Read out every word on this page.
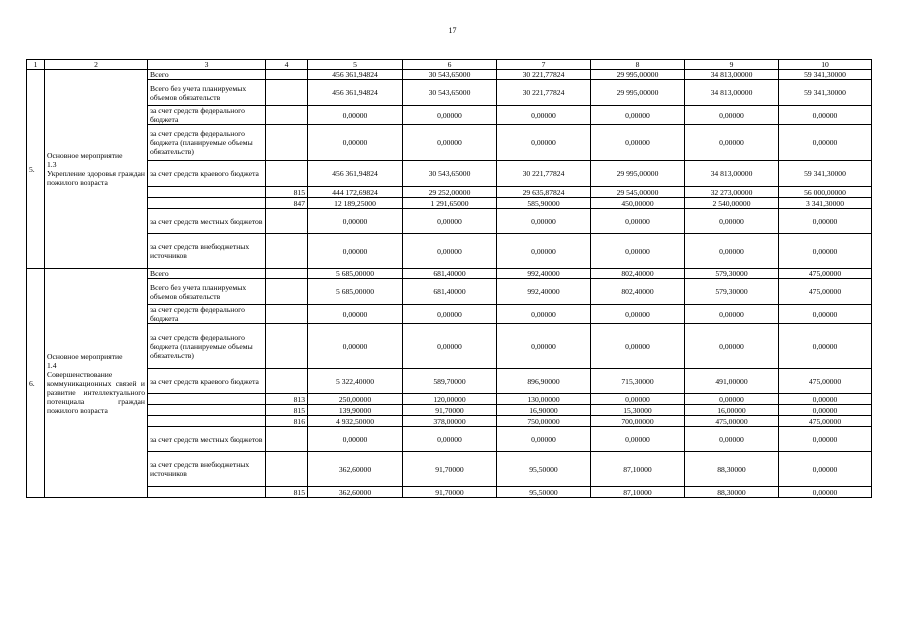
17
1	2	3	4	5	6	7	8	9	10
5.	Основное мероприятие
1.3
Укрепление здоровья граждан пожилого возраста	Всего		456 361,94824	30 543,65000	30 221,77824	29 995,00000	34 813,00000	59 341,30000
		Всего без учета планируемых объемов обязательств		456 361,94824	30 543,65000	30 221,77824	29 995,00000	34 813,00000	59 341,30000
		за счет средств федерального бюджета		0,00000	0,00000	0,00000	0,00000	0,00000	0,00000
		за счет средств федерального бюджета (планируемые объемы обязательств)		0,00000	0,00000	0,00000	0,00000	0,00000	0,00000
		за счет средств краевого бюджета		456 361,94824	30 543,65000	30 221,77824	29 995,00000	34 813,00000	59 341,30000
			815	444 172,69824	29 252,00000	29 635,87824	29 545,00000	32 273,00000	56 000,00000
			847	12 189,25000	1 291,65000	585,90000	450,00000	2 540,00000	3 341,30000
		за счет средств местных бюджетов		0,00000	0,00000	0,00000	0,00000	0,00000	0,00000
		за счет средств внебюджетных источников		0,00000	0,00000	0,00000	0,00000	0,00000	0,00000
6.	Основное мероприятие
1.4
Совершенствование коммуникационных связей и развитие интеллектуального потенциала граждан пожилого возраста	Всего		5 685,00000	681,40000	992,40000	802,40000	579,30000	475,00000
		Всего без учета планируемых объемов обязательств		5 685,00000	681,40000	992,40000	802,40000	579,30000	475,00000
		за счет средств федерального бюджета		0,00000	0,00000	0,00000	0,00000	0,00000	0,00000
		за счет средств федерального бюджета (планируемые объемы обязательств)		0,00000	0,00000	0,00000	0,00000	0,00000	0,00000
		за счет средств краевого бюджета		5 322,40000	589,70000	896,90000	715,30000	491,00000	475,00000
			813	250,00000	120,00000	130,00000	0,00000	0,00000	0,00000
			815	139,90000	91,70000	16,90000	15,30000	16,00000	0,00000
			816	4 932,50000	378,00000	750,00000	700,00000	475,00000	475,00000
		за счет средств местных бюджетов		0,00000	0,00000	0,00000	0,00000	0,00000	0,00000
		за счет средств внебюджетных источников		362,60000	91,70000	95,50000	87,10000	88,30000	0,00000
			815	362,60000	91,70000	95,50000	87,10000	88,30000	0,00000
